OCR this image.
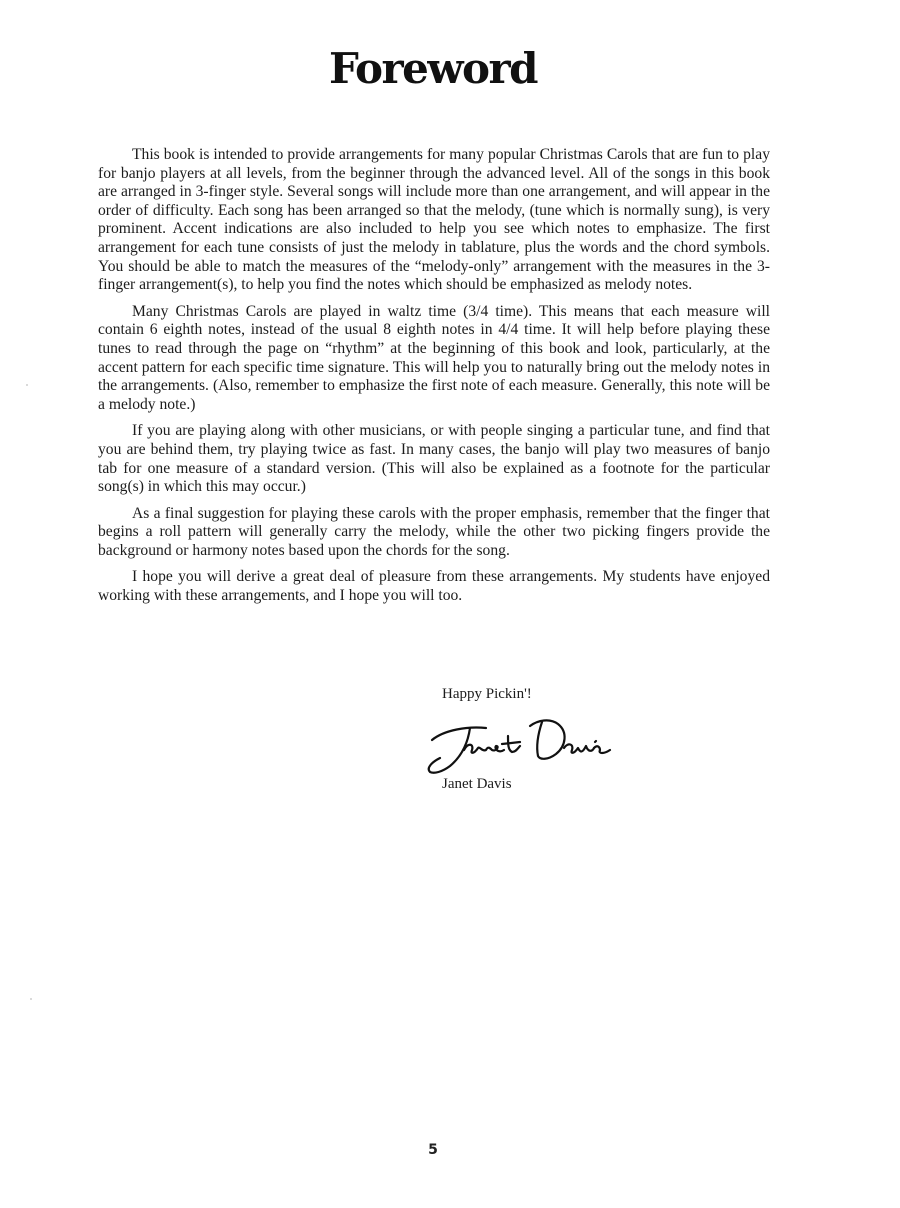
Foreword

This book is intended to provide arrangements for many popular Christmas Carols that are fun to play for banjo players at all levels, from the beginner through the advanced level. All of the songs in this book are arranged in 3-finger style. Several songs will include more than one arrangement, and will appear in the order of difficulty. Each song has been arranged so that the melody, (tune which is normally sung), is very prominent. Accent indications are also included to help you see which notes to emphasize. The first arrangement for each tune consists of just the melody in tablature, plus the words and the chord symbols. You should be able to match the measures of the “melody-only” arrangement with the measures in the 3-finger arrangement(s), to help you find the notes which should be emphasized as melody notes.

Many Christmas Carols are played in waltz time (3/4 time). This means that each measure will contain 6 eighth notes, instead of the usual 8 eighth notes in 4/4 time. It will help before playing these tunes to read through the page on “rhythm” at the beginning of this book and look, particularly, at the accent pattern for each specific time signature. This will help you to naturally bring out the melody notes in the arrangements. (Also, remember to emphasize the first note of each measure. Generally, this note will be a melody note.)

If you are playing along with other musicians, or with people singing a particular tune, and find that you are behind them, try playing twice as fast. In many cases, the banjo will play two measures of banjo tab for one measure of a standard version. (This will also be explained as a footnote for the particular song(s) in which this may occur.)

As a final suggestion for playing these carols with the proper emphasis, remember that the finger that begins a roll pattern will generally carry the melody, while the other two picking fingers provide the background or harmony notes based upon the chords for the song.

I hope you will derive a great deal of pleasure from these arrangements. My students have enjoyed working with these arrangements, and I hope you will too.

Happy Pickin'!
Janet Davis
5
